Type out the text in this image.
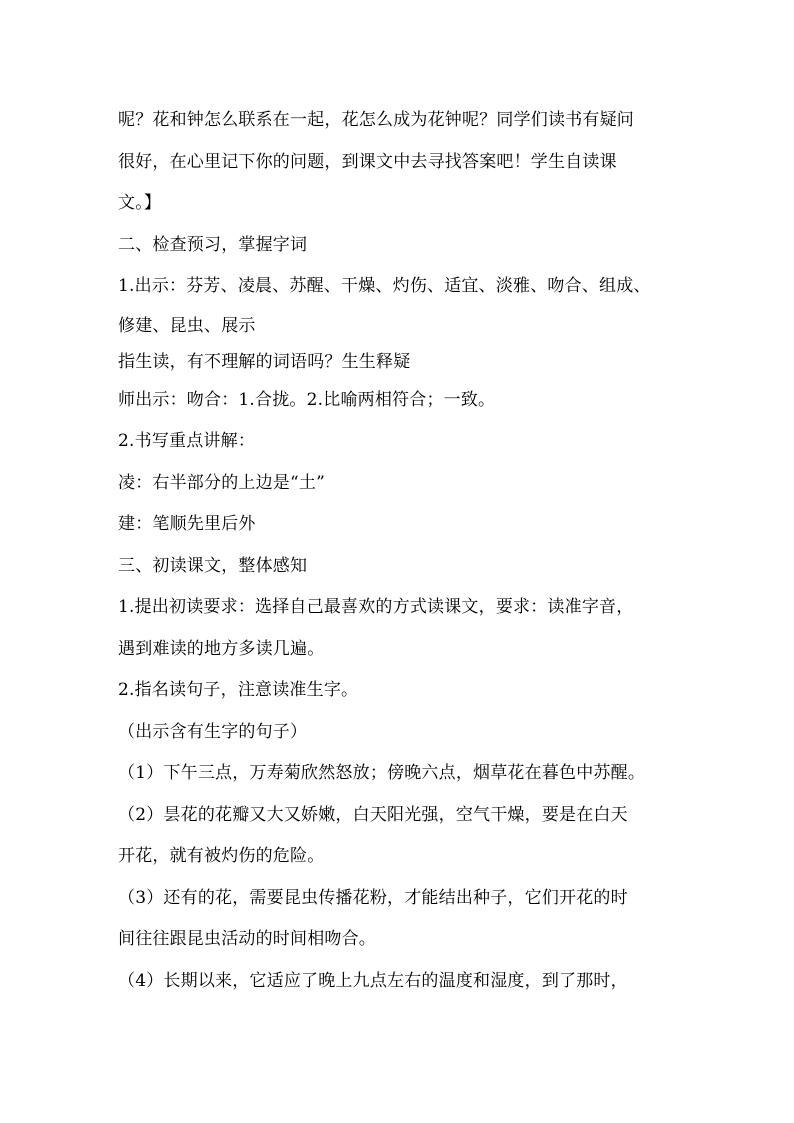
呢？花和钟怎么联系在一起，花怎么成为花钟呢？同学们读书有疑问
很好，在心里记下你的问题，到课文中去寻找答案吧！学生自读课
文。】
二、检查预习，掌握字词
1.出示：芬芳、凌晨、苏醒、干燥、灼伤、适宜、淡雅、吻合、组成、
修建、昆虫、展示
指生读，有不理解的词语吗？生生释疑
师出示：吻合：1.合拢。2.比喻两相符合；一致。
2.书写重点讲解：
凌：右半部分的上边是“土”
建：笔顺先里后外
三、初读课文，整体感知
1.提出初读要求：选择自己最喜欢的方式读课文，要求：读准字音，
遇到难读的地方多读几遍。
2.指名读句子，注意读准生字。
（出示含有生字的句子）
（1）下午三点，万寿菊欣然怒放；傍晚六点，烟草花在暮色中苏醒。
（2）昙花的花瓣又大又娇嫩，白天阳光强，空气干燥，要是在白天
开花，就有被灼伤的危险。
（3）还有的花，需要昆虫传播花粉，才能结出种子，它们开花的时
间往往跟昆虫活动的时间相吻合。
（4）长期以来，它适应了晚上九点左右的温度和湿度，到了那时，
